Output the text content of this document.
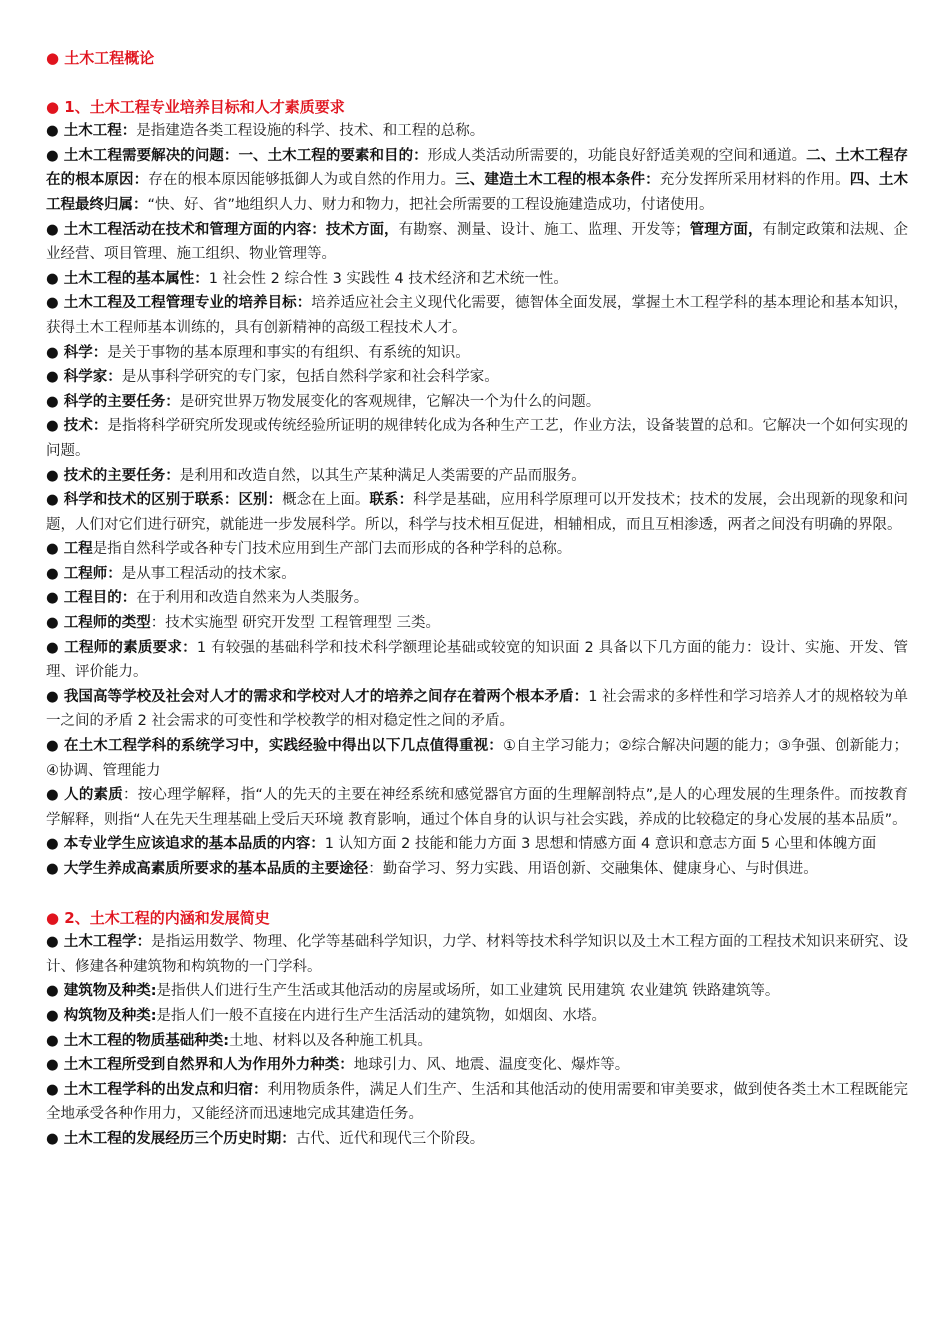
● 土木工程概论
● 1、土木工程专业培养目标和人才素质要求
● 土木工程：是指建造各类工程设施的科学、技术、和工程的总称。
● 土木工程需要解决的问题：一、土木工程的要素和目的：形成人类活动所需要的，功能良好舒适美观的空间和通道。二、土木工程存在的根本原因：存在的根本原因能够抵御人为或自然的作用力。三、建造土木工程的根本条件：充分发挥所采用材料的作用。四、土木工程最终归属：“快、好、省”地组织人力、财力和物力，把社会所需要的工程设施建造成功，付诸使用。
● 土木工程活动在技术和管理方面的内容：技术方面，有勘察、测量、设计、施工、监理、开发等；管理方面，有制定政策和法规、企业经营、项目管理、施工组织、物业管理等。
● 土木工程的基本属性：1 社会性 2 综合性 3 实践性 4 技术经济和艺术统一性。
● 土木工程及工程管理专业的培养目标：培养适应社会主义现代化需要，德智体全面发展，掌握土木工程学科的基本理论和基本知识，获得土木工程师基本训练的，具有创新精神的高级工程技术人才。
● 科学：是关于事物的基本原理和事实的有组织、有系统的知识。
● 科学家：是从事科学研究的专门家，包括自然科学家和社会科学家。
● 科学的主要任务：是研究世界万物发展变化的客观规律，它解决一个为什么的问题。
● 技术：是指将科学研究所发现或传统经验所证明的规律转化成为各种生产工艺，作业方法，设备装置的总和。它解决一个如何实现的问题。
● 技术的主要任务：是利用和改造自然，以其生产某种满足人类需要的产品而服务。
● 科学和技术的区别于联系：区别：概念在上面。联系：科学是基础，应用科学原理可以开发技术；技术的发展，会出现新的现象和问题，人们对它们进行研究，就能进一步发展科学。所以，科学与技术相互促进，相辅相成，而且互相渗透，两者之间没有明确的界限。
● 工程是指自然科学或各种专门技术应用到生产部门去而形成的各种学科的总称。
● 工程师：是从事工程活动的技术家。
● 工程目的：在于利用和改造自然来为人类服务。
● 工程师的类型：技术实施型 研究开发型 工程管理型 三类。
● 工程师的素质要求：1 有较强的基础科学和技术科学额理论基础或较宽的知识面 2 具备以下几方面的能力：设计、实施、开发、管理、评价能力。
● 我国高等学校及社会对人才的需求和学校对人才的培养之间存在着两个根本矛盾：1 社会需求的多样性和学习培养人才的规格较为单一之间的矛盾 2 社会需求的可变性和学校教学的相对稳定性之间的矛盾。
● 在土木工程学科的系统学习中，实践经验中得出以下几点值得重视：①自主学习能力；②综合解决问题的能力；③争强、创新能力；④协调、管理能力
● 人的素质：按心理学解释，指“人的先天的主要在神经系统和感觉器官方面的生理解剖特点”,是人的心理发展的生理条件。而按教育学解释，则指“人在先天生理基础上受后天环境 教育影响，通过个体自身的认识与社会实践，养成的比较稳定的身心发展的基本品质”。
● 本专业学生应该追求的基本品质的内容：1 认知方面 2 技能和能力方面 3 思想和情感方面 4 意识和意志方面 5 心里和体魄方面
● 大学生养成高素质所要求的基本品质的主要途径：勤奋学习、努力实践、用语创新、交融集体、健康身心、与时俱进。
● 2、土木工程的内涵和发展简史
● 土木工程学：是指运用数学、物理、化学等基础科学知识，力学、材料等技术科学知识以及土木工程方面的工程技术知识来研究、设计、修建各种建筑物和构筑物的一门学科。
● 建筑物及种类:是指供人们进行生产生活或其他活动的房屋或场所，如工业建筑 民用建筑 农业建筑 铁路建筑等。
● 构筑物及种类:是指人们一般不直接在内进行生产生活活动的建筑物，如烟囱、水塔。
● 土木工程的物质基础种类:土地、材料以及各种施工机具。
● 土木工程所受到自然界和人为作用外力种类：地球引力、风、地震、温度变化、爆炸等。
● 土木工程学科的出发点和归宿：利用物质条件，满足人们生产、生活和其他活动的使用需要和审美要求，做到使各类土木工程既能完全地承受各种作用力，又能经济而迅速地完成其建造任务。
● 土木工程的发展经历三个历史时期：古代、近代和现代三个阶段。
